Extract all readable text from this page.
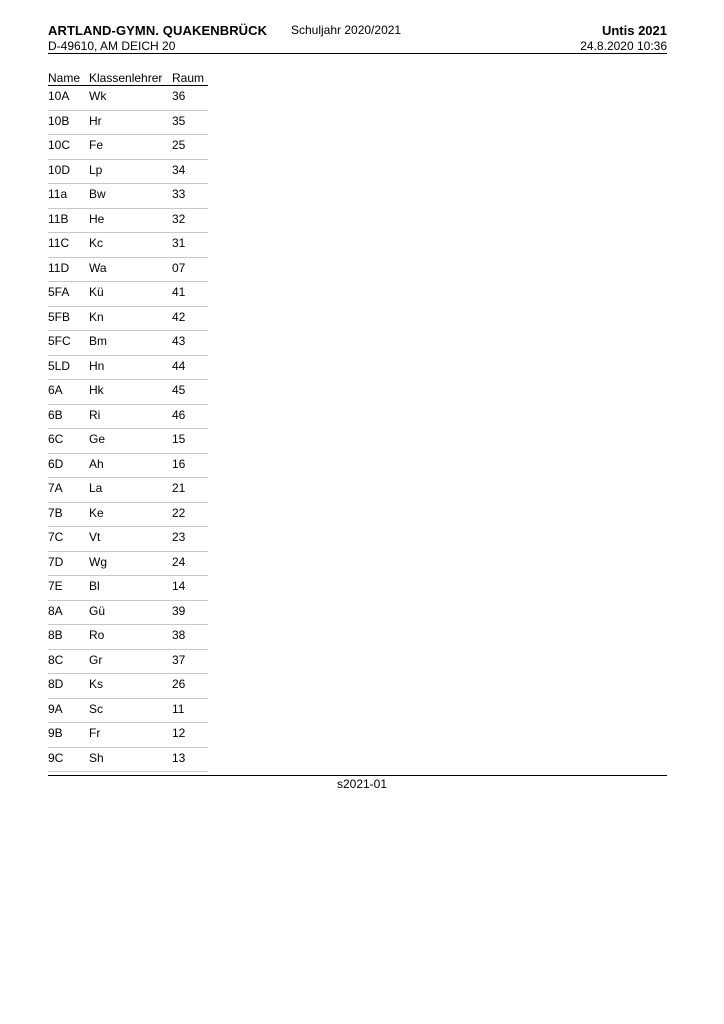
ARTLAND-GYMN. QUAKENBRÜCK
D-49610, AM DEICH 20
Schuljahr 2020/2021	Untis 2021
24.8.2020 10:36
Name	Klassenlehrer	Raum
10A	Wk	36
10B	Hr	35
10C	Fe	25
10D	Lp	34
11a	Bw	33
11B	He	32
11C	Kc	31
11D	Wa	07
5FA	Kü	41
5FB	Kn	42
5FC	Bm	43
5LD	Hn	44
6A	Hk	45
6B	Ri	46
6C	Ge	15
6D	Ah	16
7A	La	21
7B	Ke	22
7C	Vt	23
7D	Wg	24
7E	Bl	14
8A	Gü	39
8B	Ro	38
8C	Gr	37
8D	Ks	26
9A	Sc	11
9B	Fr	12
9C	Sh	13
s2021-01
